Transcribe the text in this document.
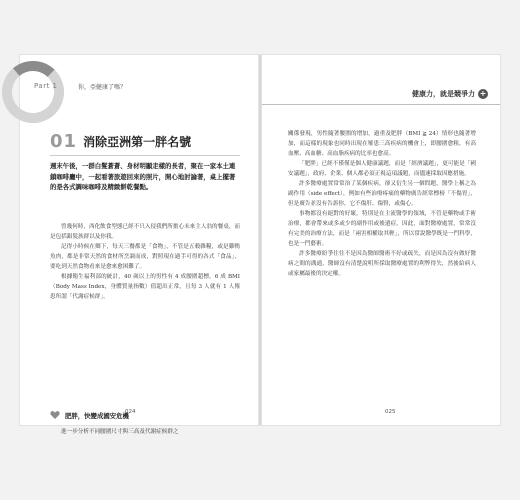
Part 1	你，亞健康了嗎？
01 消除亞洲第一胖名號
週末午後，一群白髮蒼蒼、身材明顯走樣的長者，聚在一家本土連鎖咖啡廳中，一起看著旅遊回來的照片，開心地討論著，桌上擺著的是各式調味咖啡及精緻餅乾餐點。

曾幾何時，西化飲食型態已經不只入侵我們所擔心未來主人翁的餐桌，而是包括銀髮族群以及你我。

記得小時候在鄉下，每天三餐都是「食物」，不管是五穀雜糧，或是雞鴨魚肉，都是非常天然的食材所烹調而成，對照現在過手可得的各式「食品」，要吃到天然食物看來是愈來愈困難了。

根據衛生福利部的統計，40 歲以上的男性有 4 成腰圍超標，6 成 BMI（Body Mass Index，身體質量指數）值超出正常，且每 3 人就有 1 人罹患所謂「代謝症候群」。

肥胖，快變成國安危機

進一步分析不同腰圍尺寸與三高及代謝症候群之

健康力，就是競爭力 +

關係發現，男性隨著腰圍的增加，過重及肥胖（BMI ≧ 24）情形也隨著增加，而這樣的現象也同時出現在罹患三高疾病的機會上，即腰圍愈粗，有高血壓、高血糖、高血脂疾病的比率也愈高。

「肥胖」已經不僅僅是個人健康議題，而是「經濟議題」，更可能是「國安議題」，政府、企業、個人都必須正視這項議題，而儘速採取因應措施。

許多醫療處置常常治了某個疾病，卻又衍生另一個問題，醫學上稱之為副作用（side effect），例如有些治療疼痛的藥物廣告經常標榜「不傷胃」，但是廣告並沒有告訴你，它不傷肝、傷腎，或傷心。

事物都沒有絕對的好壞，特別是在主流醫學的領域，不管是藥物或手術治療，都會帶來或多或少的副作用或後遺症，因此，面對醫療處置，常常沒有完美的治療方法，而是「兩害相權取其輕」，所以常說醫學既是一門科學，也是一門藝術。

許多醫療紛爭往往不是因為醫師醫術不好或疏失，而是因為沒有做好醫病之間的溝通，醫師沒有清楚說明所採取醫療處置的利弊得失，然後給病人或家屬最後的決定權。

024	025
